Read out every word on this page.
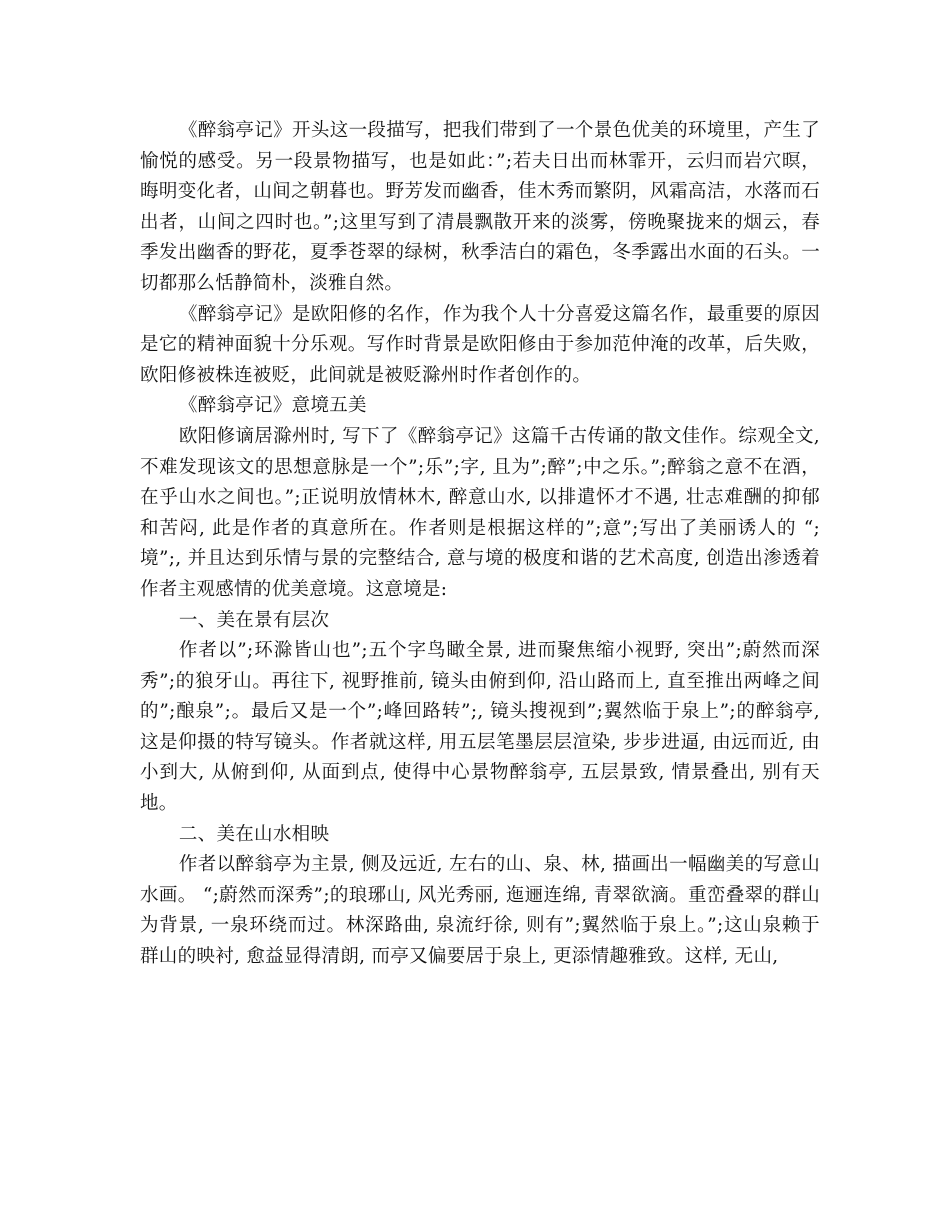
《醉翁亭记》开头这一段描写，把我们带到了一个景色优美的环境里，产生了愉悦的感受。另一段景物描写，也是如此：”;若夫日出而林霏开，云归而岩穴暝，晦明变化者，山间之朝暮也。野芳发而幽香，佳木秀而繁阴，风霜高洁，水落而石出者，山间之四时也。”;这里写到了清晨飘散开来的淡雾，傍晚聚拢来的烟云，春季发出幽香的野花，夏季苍翠的绿树，秋季洁白的霜色，冬季露出水面的石头。一切都那么恬静简朴，淡雅自然。

《醉翁亭记》是欧阳修的名作，作为我个人十分喜爱这篇名作，最重要的原因是它的精神面貌十分乐观。写作时背景是欧阳修由于参加范仲淹的改革，后失败，欧阳修被株连被贬，此间就是被贬滁州时作者创作的。

《醉翁亭记》意境五美

欧阳修谪居滁州时, 写下了《醉翁亭记》这篇千古传诵的散文佳作。综观全文, 不难发现该文的思想意脉是一个”;乐”;字, 且为”;醉”;中之乐。”;醉翁之意不在酒， 在乎山水之间也。”;正说明放情林木, 醉意山水, 以排遣怀才不遇, 壮志难酬的抑郁和苦闷, 此是作者的真意所在。作者则是根据这样的”;意”;写出了美丽诱人的 “;境”;, 并且达到乐情与景的完整结合, 意与境的极度和谐的艺术高度, 创造出渗透着作者主观感情的优美意境。这意境是:

一、美在景有层次

作者以”;环滁皆山也”;五个字鸟瞰全景, 进而聚焦缩小视野, 突出”;蔚然而深秀”;的狼牙山。再往下, 视野推前, 镜头由俯到仰, 沿山路而上, 直至推出两峰之间的”;酿泉”;。最后又是一个”;峰回路转”;, 镜头搜视到”;翼然临于泉上”;的醉翁亭, 这是仰摄的特写镜头。作者就这样, 用五层笔墨层层渲染, 步步进逼, 由远而近, 由小到大, 从俯到仰, 从面到点, 使得中心景物醉翁亭, 五层景致, 情景叠出, 别有天地。

二、美在山水相映

作者以醉翁亭为主景, 侧及远近, 左右的山、泉、林, 描画出一幅幽美的写意山水画。 “;蔚然而深秀”;的琅琊山, 风光秀丽, 迤逦连绵, 青翠欲滴。重峦叠翠的群山为背景, 一泉环绕而过。林深路曲, 泉流纡徐, 则有”;翼然临于泉上。”;这山泉赖于群山的映衬, 愈益显得清朗, 而亭又偏要居于泉上, 更添情趣雅致。这样, 无山,
